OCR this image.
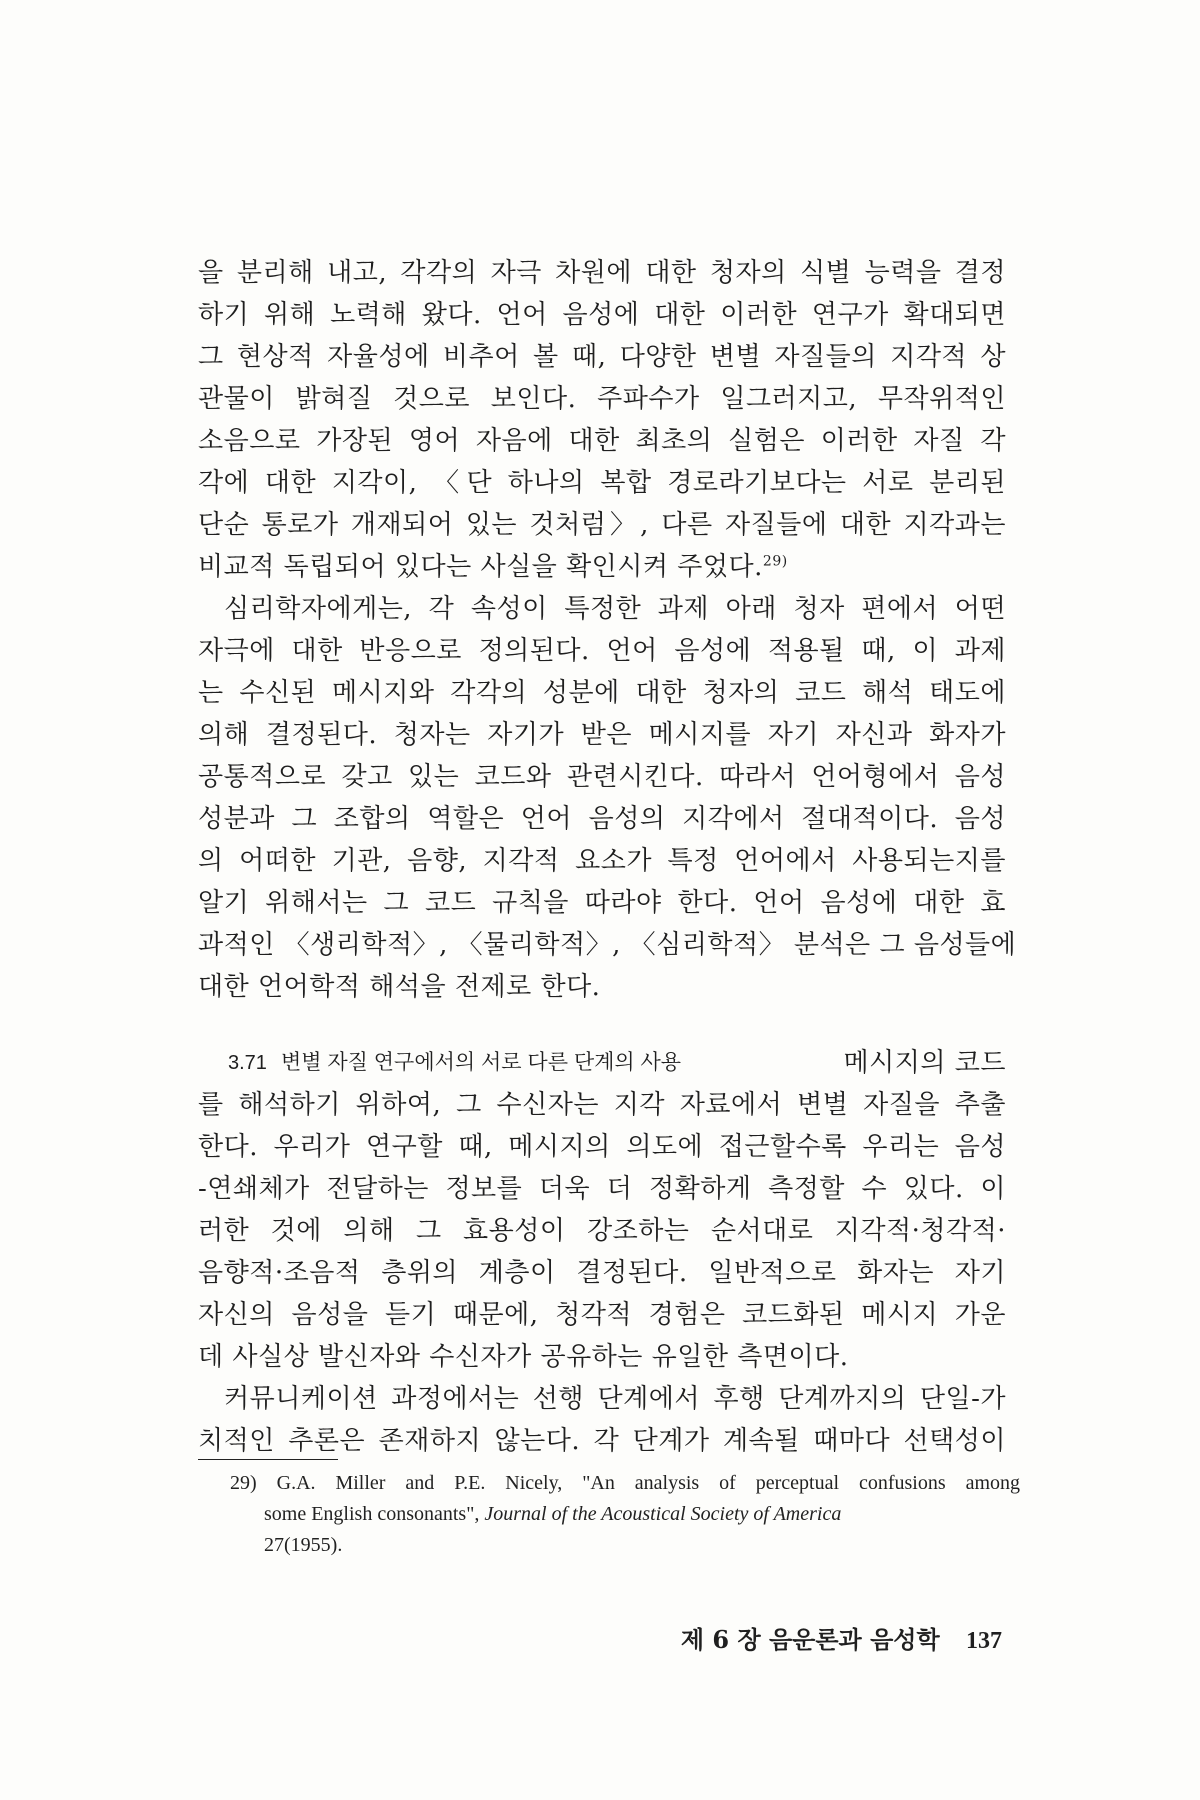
을 분리해 내고, 각각의 자극 차원에 대한 청자의 식별 능력을 결정
하기 위해 노력해 왔다. 언어 음성에 대한 이러한 연구가 확대되면
그 현상적 자율성에 비추어 볼 때, 다양한 변별 자질들의 지각적 상
관물이 밝혀질 것으로 보인다. 주파수가 일그러지고, 무작위적인
소음으로 가장된 영어 자음에 대한 최초의 실험은 이러한 자질 각
각에 대한 지각이, 〈단 하나의 복합 경로라기보다는 서로 분리된
단순 통로가 개재되어 있는 것처럼〉, 다른 자질들에 대한 지각과는
비교적 독립되어 있다는 사실을 확인시켜 주었다.$^{29)}$
심리학자에게는, 각 속성이 특정한 과제 아래 청자 편에서 어떤
자극에 대한 반응으로 정의된다. 언어 음성에 적용될 때, 이 과제
는 수신된 메시지와 각각의 성분에 대한 청자의 코드 해석 태도에
의해 결정된다. 청자는 자기가 받은 메시지를 자기 자신과 화자가
공통적으로 갖고 있는 코드와 관련시킨다. 따라서 언어형에서 음성
성분과 그 조합의 역할은 언어 음성의 지각에서 절대적이다. 음성
의 어떠한 기관, 음향, 지각적 요소가 특정 언어에서 사용되는지를
알기 위해서는 그 코드 규칙을 따라야 한다. 언어 음성에 대한 효
과적인 〈생리학적〉, 〈물리학적〉, 〈심리학적〉 분석은 그 음성들에
대한 언어학적 해석을 전제로 한다.
3.71 변별 자질 연구에서의 서로 다른 단계의 사용	메시지의 코드
를 해석하기 위하여, 그 수신자는 지각 자료에서 변별 자질을 추출
한다. 우리가 연구할 때, 메시지의 의도에 접근할수록 우리는 음성
-연쇄체가 전달하는 정보를 더욱 더 정확하게 측정할 수 있다. 이
러한 것에 의해 그 효용성이 강조하는 순서대로 지각적·청각적·
음향적·조음적 층위의 계층이 결정된다. 일반적으로 화자는 자기
자신의 음성을 듣기 때문에, 청각적 경험은 코드화된 메시지 가운
데 사실상 발신자와 수신자가 공유하는 유일한 측면이다.
커뮤니케이션 과정에서는 선행 단계에서 후행 단계까지의 단일-가
치적인 추론은 존재하지 않는다. 각 단계가 계속될 때마다 선택성이
29) G.A. Miller and P.E. Nicely, "An analysis of perceptual confusions among
some English consonants", Journal of the Acoustical Society of America
27(1955).
제 6 장 음운론과 음성학 137
